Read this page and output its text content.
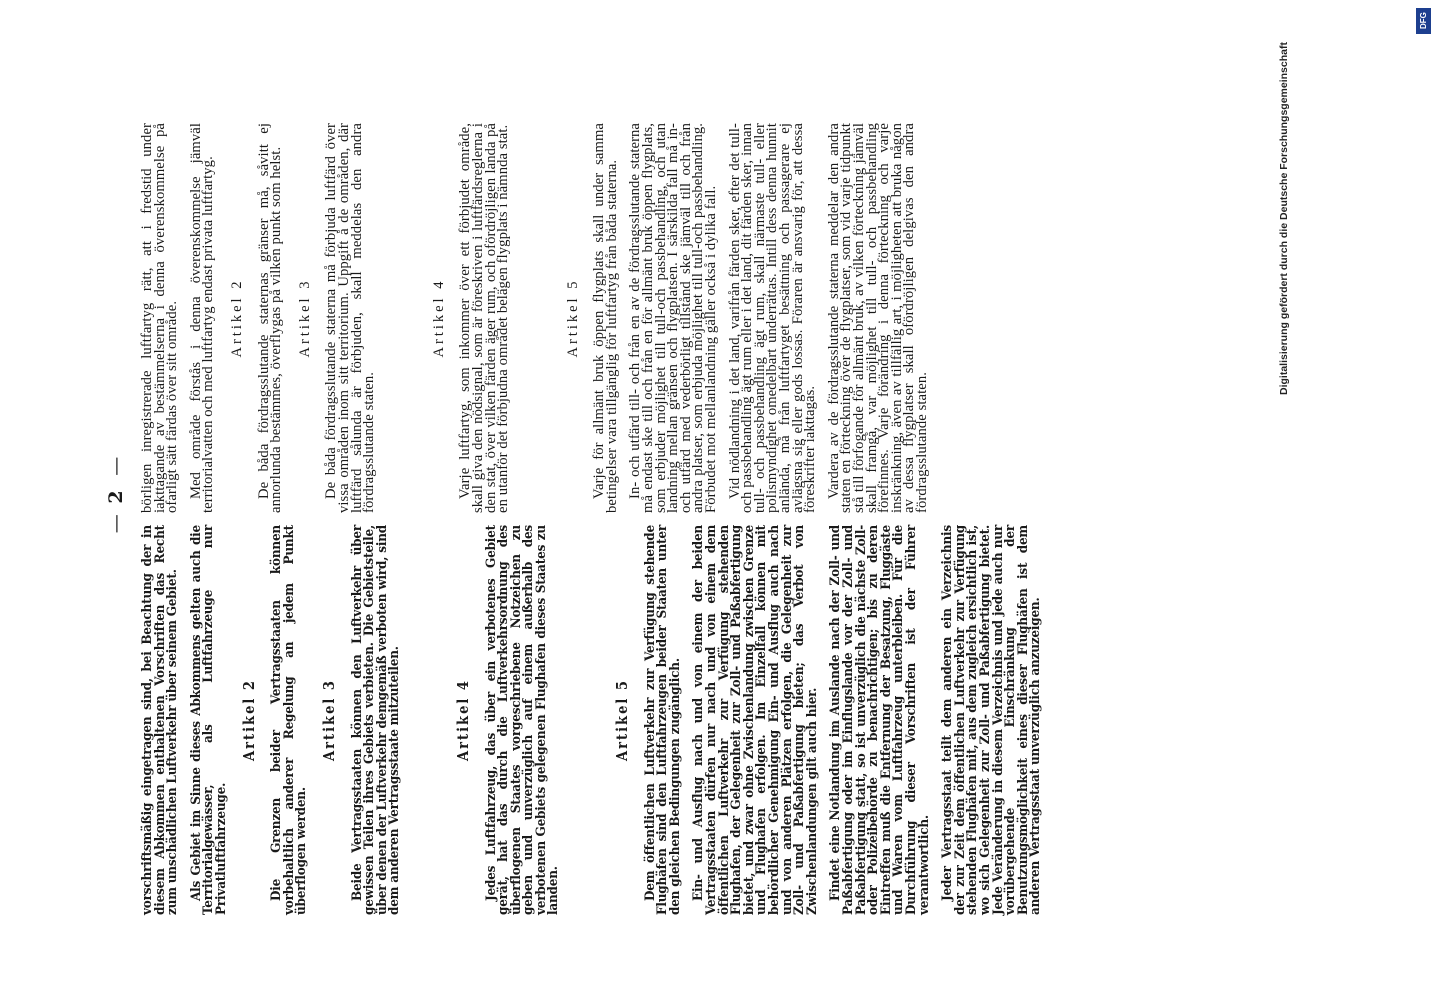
— 2 —

vorschriftsmäßig eingetragen sind, bei Beachtung der in diesem Abkommen enthaltenen Vorschriften das Recht zum unschädlichen Luftverkehr über seinem Gebiet. Als Gebiet im Sinne dieses Abkommens gelten auch die Territorialgewässer, als Luftfahrzeuge nur Privatluftfahrzeuge.

Artikel 2 Die Grenzen beider Vertragsstaaten können vorbehaltlich anderer Regelung an jedem Punkt überflogen werden.

Artikel 3 Beide Vertragsstaaten können den Luftverkehr über gewissen Teilen ihres Gebiets verbieten. Die Gebietsteile, über denen der Luftverkehr demgemäß verboten wird, sind dem anderen Vertragsstaate mitzuteilen.	Artikel 4 Jedes Luftfahrzeug, das über ein verbotenes Gebiet gerät, hat das durch die Luftverkehrsordnung des überflogenen Staates vorgeschriebene Notzeichen zu geben und unverzüglich auf einem außerhalb des verbotenen Gebiets gelegenen Flughafen dieses Staates zu landen.

Artikel 5 Dem öffentlichen Luftverkehr zur Verfügung stehende Flughäfen sind den Luftfahrzeugen beider Staaten unter den gleichen Bedingungen zugänglich. Ein- und Ausflug nach und von einem der beiden Vertragsstaaten dürfen nur nach und von einem dem öffentlichen Luftverkehr zur Verfügung stehenden Flughafen, der Gelegenheit zur Zoll- und Paßabfertigung bietet, und zwar ohne Zwischenlandung zwischen Grenze und Flughafen erfolgen. Im Einzelfall können mit behördlicher Genehmigung Ein- und Ausflug auch nach und von anderen Plätzen erfolgen, die Gelegenheit zur Zoll- und Paßabfertigung bieten; das Verbot von Zwischenlandungen gilt auch hier. Findet eine Notlandung im Auslande nach der Zoll- und Paßabfertigung oder im Einflugslande vor der Zoll- und Paßabfertigung statt, so ist unverzüglich die nächste Zoll- oder Polizeibehörde zu benachrichtigen; bis zu deren Eintreffen muß die Entfernung der Besatzung, Fluggäste und Waren vom Luftfahrzeug unterbleiben. Für die Durchführung dieser Vorschriften ist der Führer verantwortlich. Jeder Vertragsstaat teilt dem anderen ein Verzeichnis der zur Zeit dem öffentlichen Luftverkehr zur Verfügung stehenden Flughäfen mit, aus dem zugleich ersichtlich ist, wo sich Gelegenheit zur Zoll- und Paßabfertigung bietet. Jede Veränderung in diesem Verzeichnis und jede auch nur vorübergehende Einschränkung der Benutzungsmöglichkeit eines dieser Flughäfen ist dem anderen Vertragsstaat unverzüglich anzuzeigen.

börligen inregistrerade luftfartyg rätt, att i fredstid under iakttagande av bestämmelserna i denna överenskommelse på ofarligt sätt färdas över sitt område. Med område förstås i denna överenskommelse jämväl territorialvatten och med luftfartyg endast privata luftfartyg. Artikel 2 De båda fördragsslutande staternas gränser må, såvitt ej annorlunda bestämmes, överflygas på vilken punkt som helst. Artikel 3 De båda fördragsslutande staterna må förbjuda luftfärd över vissa områden inom sitt territorium. Uppgift å de områden, där luftfärd sålunda är förbjuden, skall meddelas den andra fördragsslutande staten.

Artikel 4 Varje luftfartyg, som inkommer över ett förbjudet område, skall giva den nödsignal, som är föreskriven i luftfärdsreglerna i den stat, över vilken färden äger rum, och ofördröjligen landa på en utanför det förbjudna området belägen flygplats i nämnda stat.	Artikel 5 Varje för allmänt bruk öppen flygplats skall under samma betingelser vara tillgänglig för luftfartyg från båda staterna. In- och utfärd till- och från en av de fördragsslutande staterna må endast ske till och från en för allmänt bruk öppen flygplats, som erbjuder möjlighet till tull-och passbehandling, och utan landning mellan gränsen och flygplatsen. I särskilda fall må in- och utfärd med vederbörligt tillstånd ske jämväl till och från andra platser, som erbjuda möjlighet till tull-och passbehandling. Förbudet mot mellanlandning gäller också i dylika fall. Vid nödlandning i det land, varifrån färden sker, efter det tull- och passbehandling ägt rum eller i det land, dit färden sker, innan tull- och passbehandling ägt rum, skall närmaste tull- eller polismyndighet omedelbart underrättas. Intill dess denna hunnit anlända, må från luftfartyget besättning och passagerare ej avlägsna sig eller gods lossas. Föraren är ansvarig för, att dessa föreskrifter iakttagas. Vardera av de fördragsslutande staterna meddelar den andra staten en förteckning över de flygplatser, som vid varje tidpunkt stå till förfogande för allmänt bruk, av vilken förteckning jämväl skall framgå, var möjlighet till tull- och passbehandling förefinnes. Varje förändring i denna förteckning och varje inskränkning, även av tillfällig art, i möjligheten att bruka någon av dessa flygplatser skall ofördröjligen delgivas den andra fördragsslutande staten.

DFG
Digitalisierung gefördert durch die Deutsche Forschungsgemeinschaft
